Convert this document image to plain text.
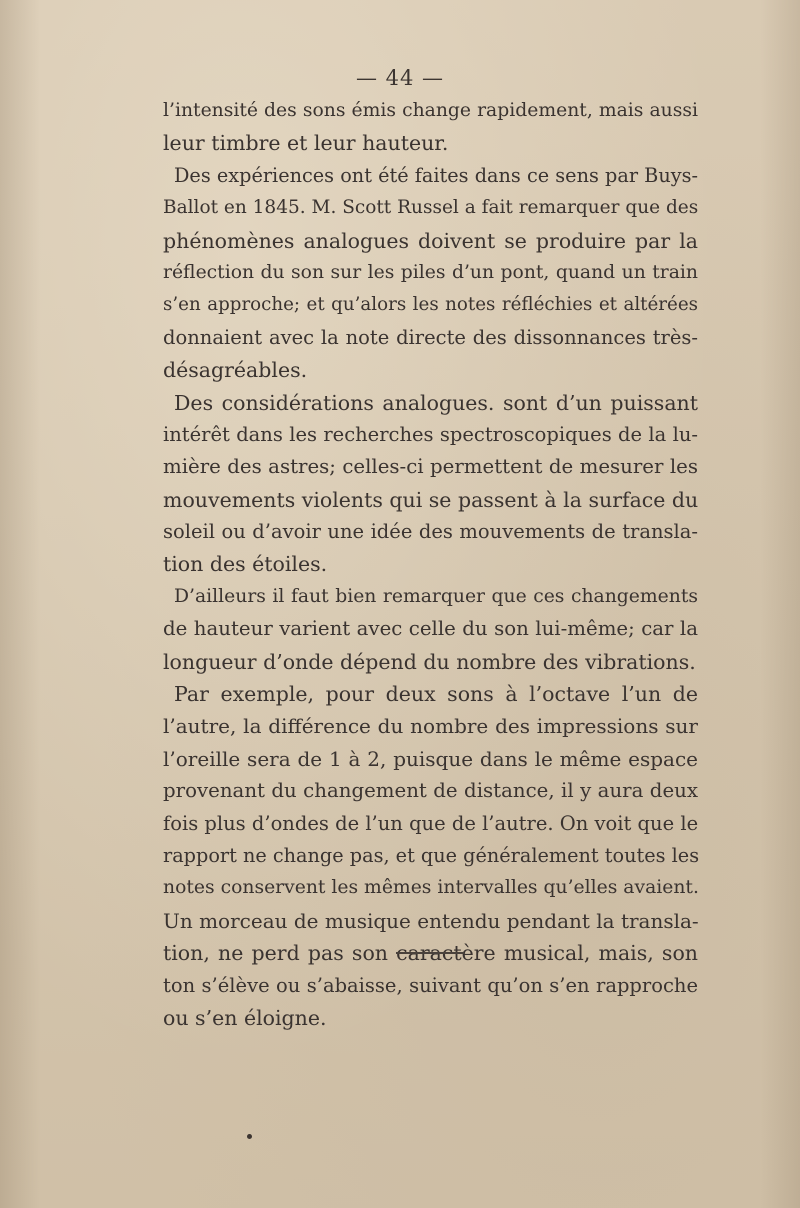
— 44 —
l’intensité des sons émis change rapidement, mais aussi
leur timbre et leur hauteur.
Des expériences ont été faites dans ce sens par Buys-
Ballot en 1845. M. Scott Russel a fait remarquer que des
phénomènes analogues doivent se produire par la
réflection du son sur les piles d’un pont, quand un train
s’en approche; et qu’alors les notes réfléchies et altérées
donnaient avec la note directe des dissonnances très-
désagréables.
Des considérations analogues. sont d’un puissant
intérêt dans les recherches spectroscopiques de la lu-
mière des astres; celles-ci permettent de mesurer les
mouvements violents qui se passent à la surface du
soleil ou d’avoir une idée des mouvements de transla-
tion des étoiles.
D’ailleurs il faut bien remarquer que ces changements
de hauteur varient avec celle du son lui-même; car la
longueur d’onde dépend du nombre des vibrations.
Par exemple, pour deux sons à l’octave l’un de
l’autre, la différence du nombre des impressions sur
l’oreille sera de 1 à 2, puisque dans le même espace
provenant du changement de distance, il y aura deux
fois plus d’ondes de l’un que de l’autre. On voit que le
rapport ne change pas, et que généralement toutes les
notes conservent les mêmes intervalles qu’elles avaient.
Un morceau de musique entendu pendant la transla-
tion, ne perd pas son caractère musical, mais, son
ton s’élève ou s’abaisse, suivant qu’on s’en rapproche
ou s’en éloigne.
